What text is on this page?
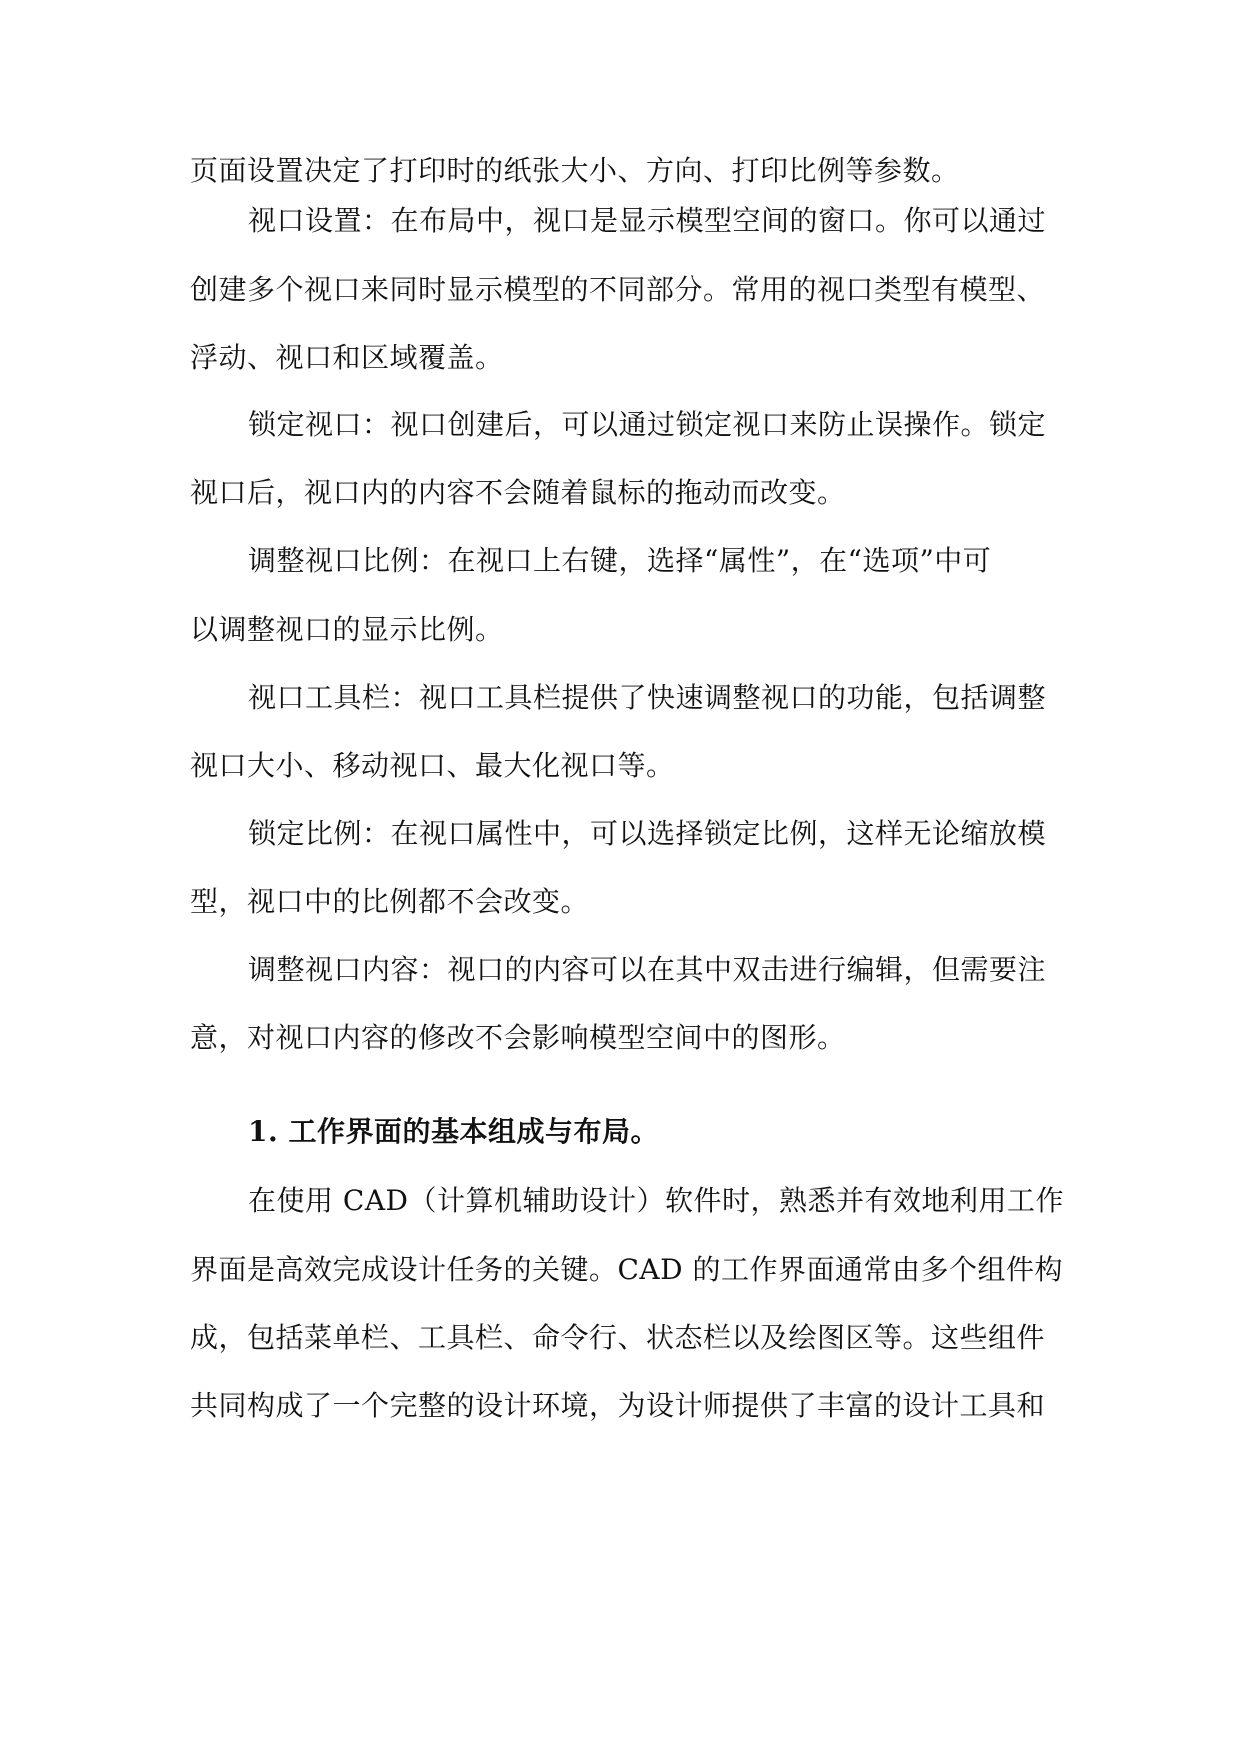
页面设置决定了打印时的纸张大小、方向、打印比例等参数。
视口设置：在布局中，视口是显示模型空间的窗口。你可以通过
创建多个视口来同时显示模型的不同部分。常用的视口类型有模型、
浮动、视口和区域覆盖。
锁定视口：视口创建后，可以通过锁定视口来防止误操作。锁定
视口后，视口内的内容不会随着鼠标的拖动而改变。
调整视口比例：在视口上右键，选择“属性”，在“选项”中可
以调整视口的显示比例。
视口工具栏：视口工具栏提供了快速调整视口的功能，包括调整
视口大小、移动视口、最大化视口等。
锁定比例：在视口属性中，可以选择锁定比例，这样无论缩放模
型，视口中的比例都不会改变。
调整视口内容：视口的内容可以在其中双击进行编辑，但需要注
意，对视口内容的修改不会影响模型空间中的图形。
1. 工作界面的基本组成与布局。
在使用 CAD（计算机辅助设计）软件时，熟悉并有效地利用工作
界面是高效完成设计任务的关键。CAD 的工作界面通常由多个组件构
成，包括菜单栏、工具栏、命令行、状态栏以及绘图区等。这些组件
共同构成了一个完整的设计环境，为设计师提供了丰富的设计工具和
